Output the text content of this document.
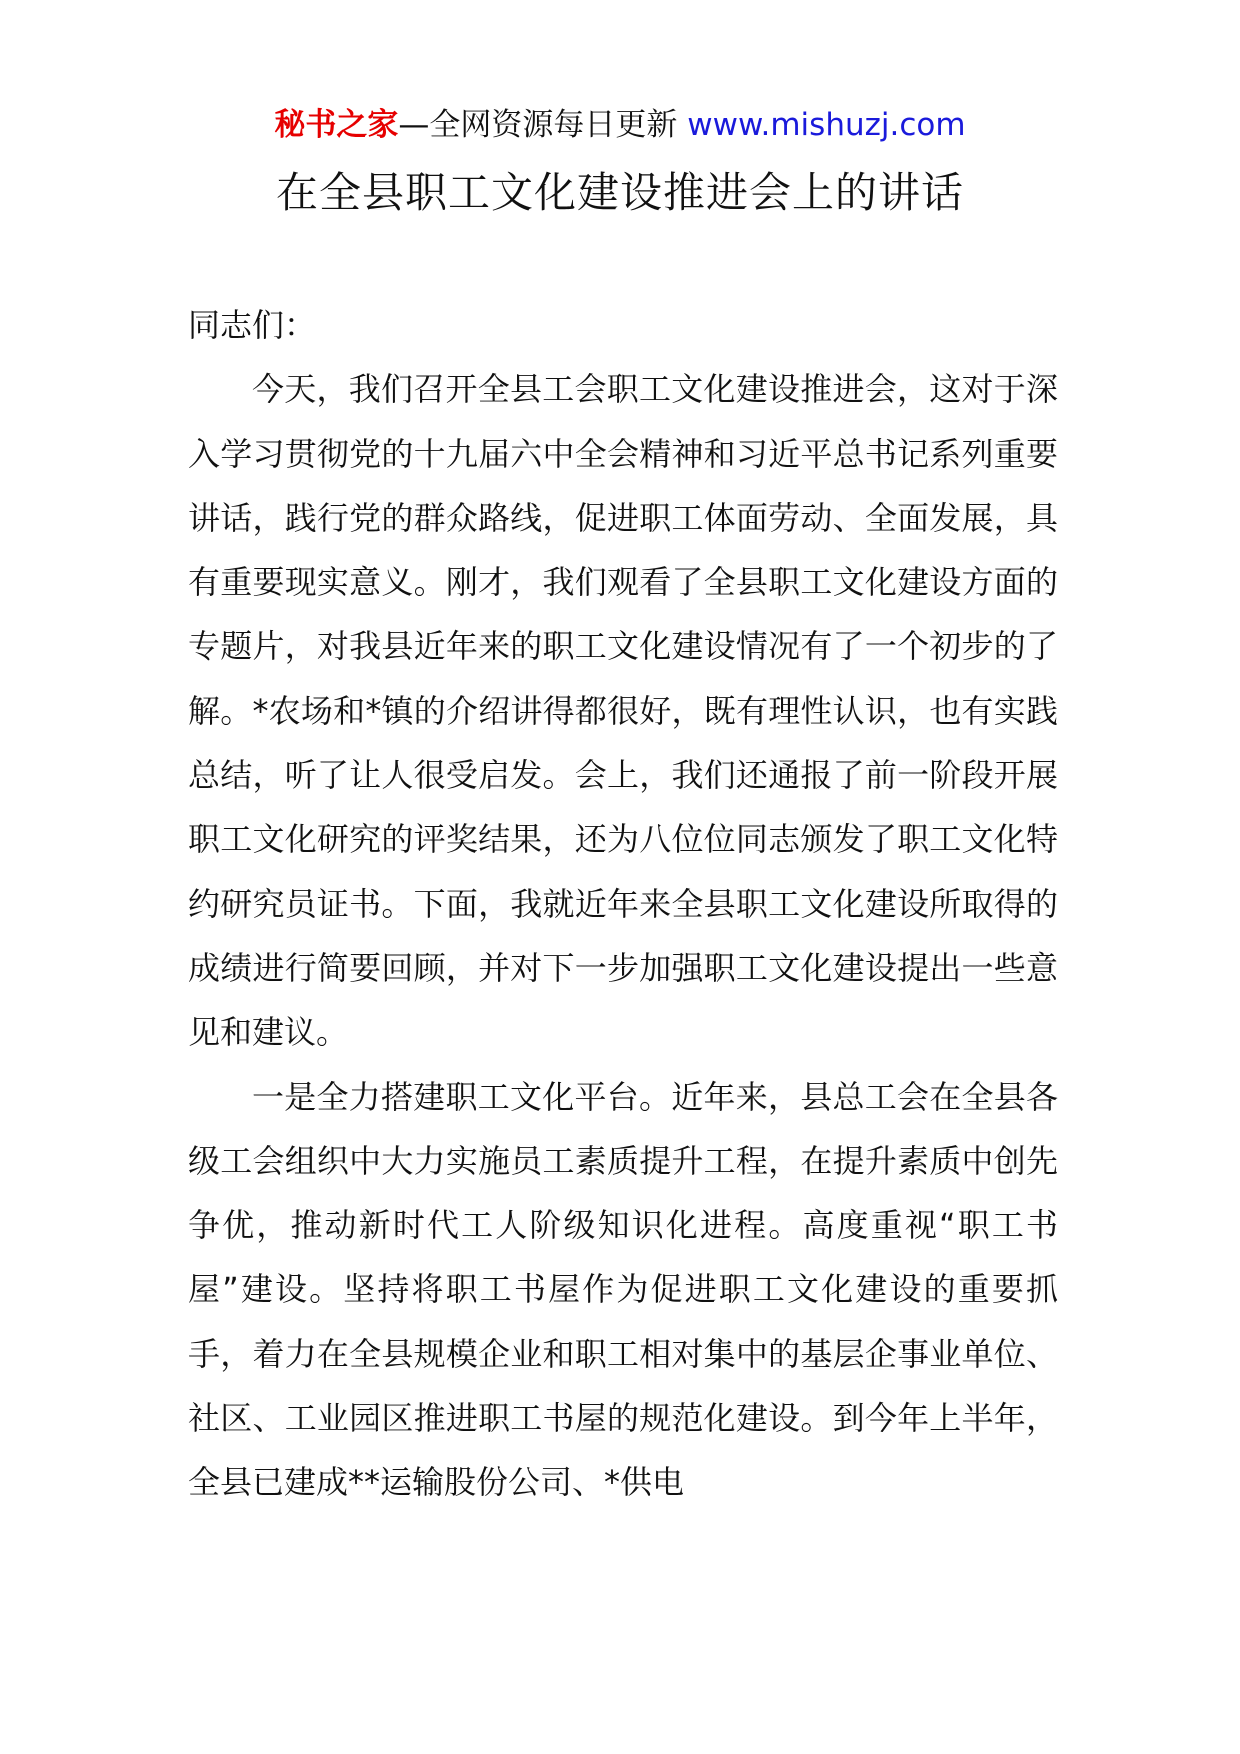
秘书之家—全网资源每日更新 www.mishuzj.com
在全县职工文化建设推进会上的讲话

同志们：

今天，我们召开全县工会职工文化建设推进会，这对于深入学习贯彻党的十九届六中全会精神和习近平总书记系列重要讲话，践行党的群众路线，促进职工体面劳动、全面发展，具有重要现实意义。刚才，我们观看了全县职工文化建设方面的专题片，对我县近年来的职工文化建设情况有了一个初步的了解。*农场和*镇的介绍讲得都很好，既有理性认识，也有实践总结，听了让人很受启发。会上，我们还通报了前一阶段开展职工文化研究的评奖结果，还为八位位同志颁发了职工文化特约研究员证书。下面，我就近年来全县职工文化建设所取得的成绩进行简要回顾，并对下一步加强职工文化建设提出一些意见和建议。

一是全力搭建职工文化平台。近年来，县总工会在全县各级工会组织中大力实施员工素质提升工程，在提升素质中创先争优，推动新时代工人阶级知识化进程。高度重视“职工书屋”建设。坚持将职工书屋作为促进职工文化建设的重要抓手，着力在全县规模企业和职工相对集中的基层企事业单位、社区、工业园区推进职工书屋的规范化建设。到今年上半年，全县已建成**运输股份公司、*供电
